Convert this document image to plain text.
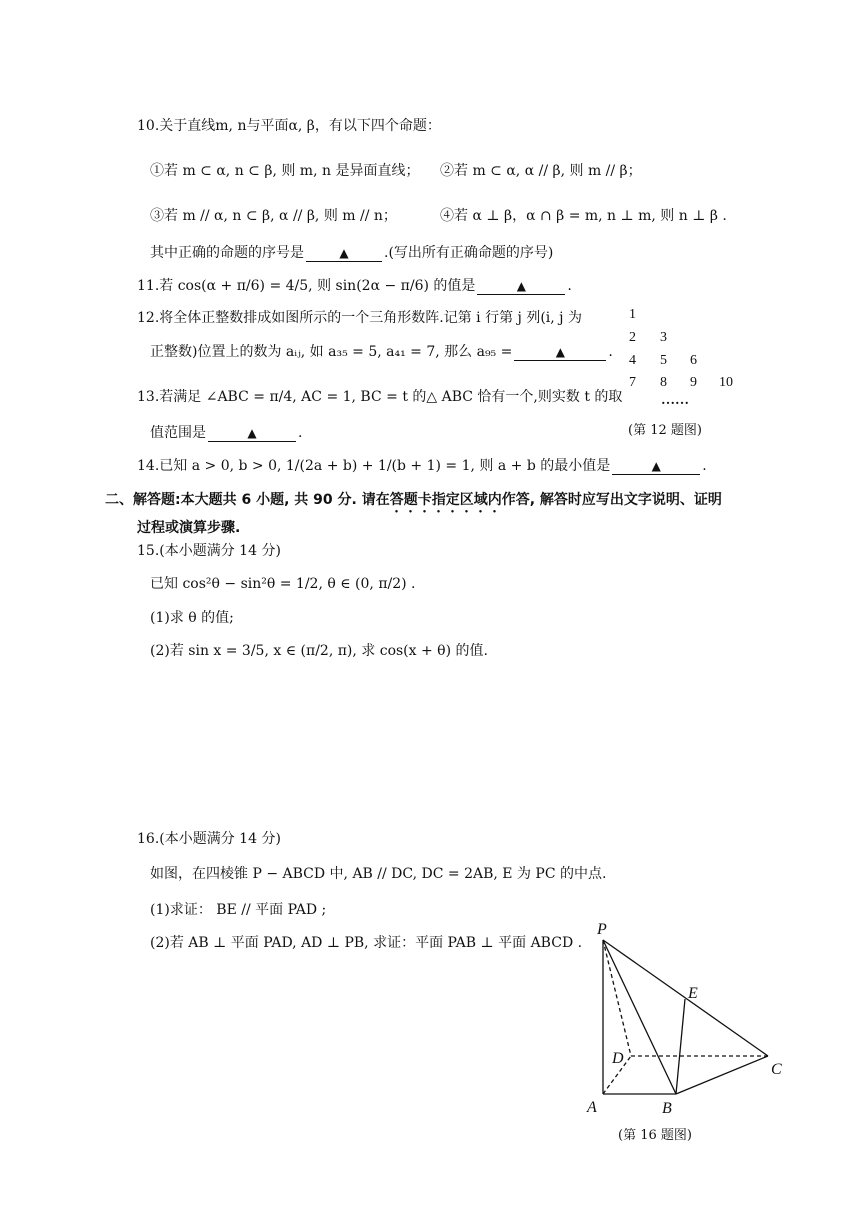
10.关于直线m, n与平面α, β，有以下四个命题：
①若 m ⊂ α, n ⊂ β, 则 m, n 是异面直线； ②若 m ⊂ α, α // β, 则 m // β；
③若 m // α, n ⊂ β, α // β, 则 m // n；	④若 α ⊥ β，α ∩ β = m, n ⊥ m, 则 n ⊥ β .
其中正确的命题的序号是	▲	.(写出所有正确命题的序号)
11.若 cos(α + π/6) = 4/5, 则 sin(2α − π/6) 的值是	▲	.
12.将全体正整数排成如图所示的一个三角形数阵.记第 i 行第 j 列(i, j 为
正整数)位置上的数为 aᵢⱼ, 如 a₃₅ = 5, a₄₁ = 7, 那么 a₉₅ =	▲	.
1
2 3
4 5 6
7 8 9 10
……
(第 12 题图)
13.若满足 ∠ABC = π/4, AC = 1, BC = t 的△ ABC 恰有一个,则实数 t 的取
值范围是	▲	.
14.已知 a > 0, b > 0, 1/(2a + b) + 1/(b + 1) = 1, 则 a + b 的最小值是	▲	.
二、解答题:本大题共 6 小题, 共 90 分. 请在答题卡指定区域内作答, 解答时应写出文字说明、证明
过程或演算步骤.
15.(本小题满分 14 分)
已知 cos²θ − sin²θ = 1/2, θ ∈ (0, π/2) .
(1)求 θ 的值;
(2)若 sin x = 3/5, x ∈ (π/2, π), 求 cos(x + θ) 的值.
16.(本小题满分 14 分)
如图，在四棱锥 P − ABCD 中, AB // DC, DC = 2AB, E 为 PC 的中点.
(1)求证： BE // 平面 PAD ;
(2)若 AB ⊥ 平面 PAD, AD ⊥ PB, 求证：平面 PAB ⊥ 平面 ABCD .
P
E
D
C
A	B
(第 16 题图)
